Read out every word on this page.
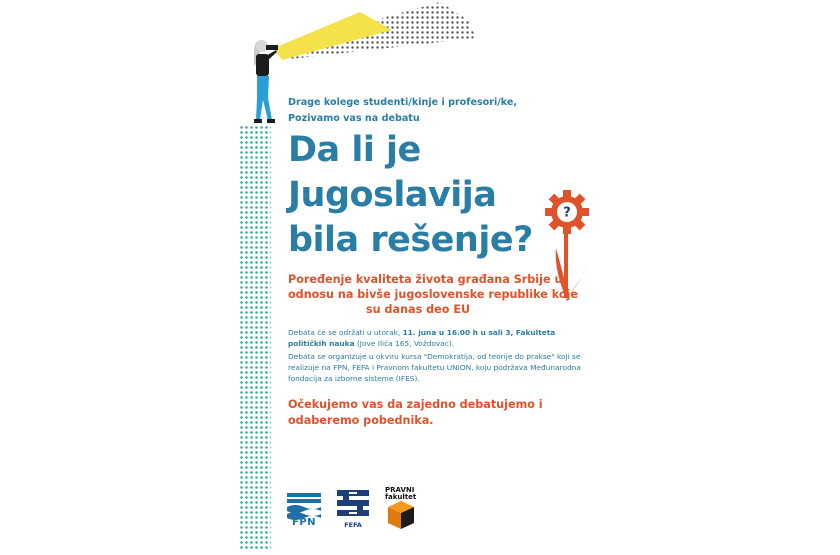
Drage kolege studenti/kinje i profesori/ke,
Pozivamo vas na debatu
Da li je
Jugoslavija
bila rešenje?
?
Poređenje kvaliteta života građana Srbije u
odnosu na bivše jugoslovenske republike koje
su danas deo EU

Debata će se održati u utorak, 11. juna u 16.00 h u sali 3, Fakulteta
političkih nauka (Jove Ilića 165, Voždovac).

Debata se organizuje u okviru kursa "Demokratija, od teorije do prakse" koji se realizuje na FPN, FEFA i Pravnom fakultetu UNION, koju podržava Međunarodna fondacija za izborne sisteme (IFES).

Očekujemo vas da zajedno debatujemo i
odaberemo pobednika.
FPN	FEFA
PRAVNI
fakultet
